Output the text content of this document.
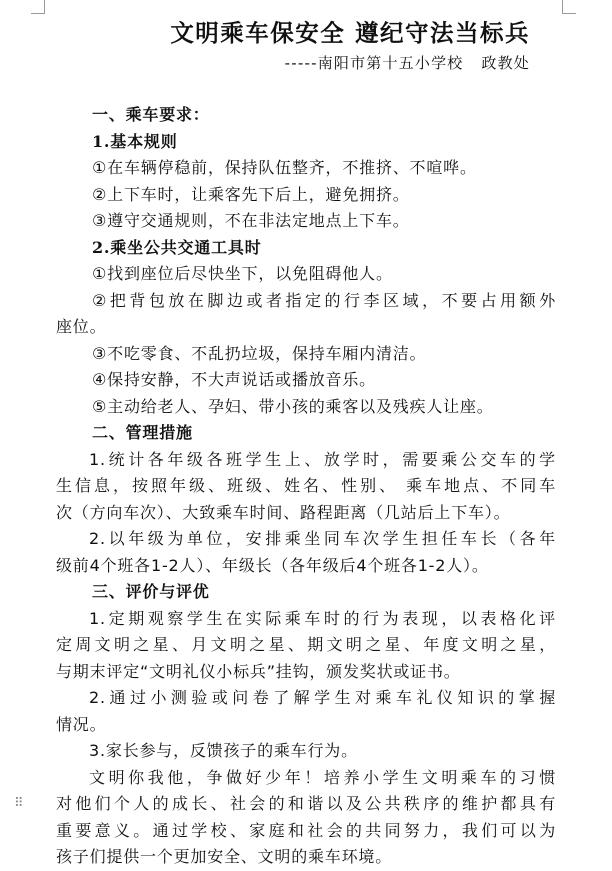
文明乘车保安全 遵纪守法当标兵
-----南阳市第十五小学校   政教处
一、乘车要求：
1.基本规则
①在车辆停稳前，保持队伍整齐，不推挤、不喧哗。
②上下车时，让乘客先下后上，避免拥挤。
③遵守交通规则，不在非法定地点上下车。
2.乘坐公共交通工具时
①找到座位后尽快坐下，以免阻碍他人。
②把背包放在脚边或者指定的行李区域，不要占用额外
座位。
③不吃零食、不乱扔垃圾，保持车厢内清洁。
④保持安静，不大声说话或播放音乐。
⑤主动给老人、孕妇、带小孩的乘客以及残疾人让座。
二、管理措施
1.统计各年级各班学生上、放学时，需要乘公交车的学
生信息，按照年级、班级、姓名、性别、 乘车地点、不同车
次（方向车次）、大致乘车时间、路程距离（几站后上下车）。
2.以年级为单位，安排乘坐同车次学生担任车长（各年
级前4个班各1-2人）、年级长（各年级后4个班各1-2人）。
三、评价与评优
1.定期观察学生在实际乘车时的行为表现，以表格化评
定周文明之星、月文明之星、期文明之星、年度文明之星，
与期末评定“文明礼仪小标兵”挂钩，颁发奖状或证书。
2.通过小测验或问卷了解学生对乘车礼仪知识的掌握
情况。
3.家长参与，反馈孩子的乘车行为。
文明你我他，争做好少年！培养小学生文明乘车的习惯
对他们个人的成长、社会的和谐以及公共秩序的维护都具有
重要意义。通过学校、家庭和社会的共同努力，我们可以为
孩子们提供一个更加安全、文明的乘车环境。
⠿
